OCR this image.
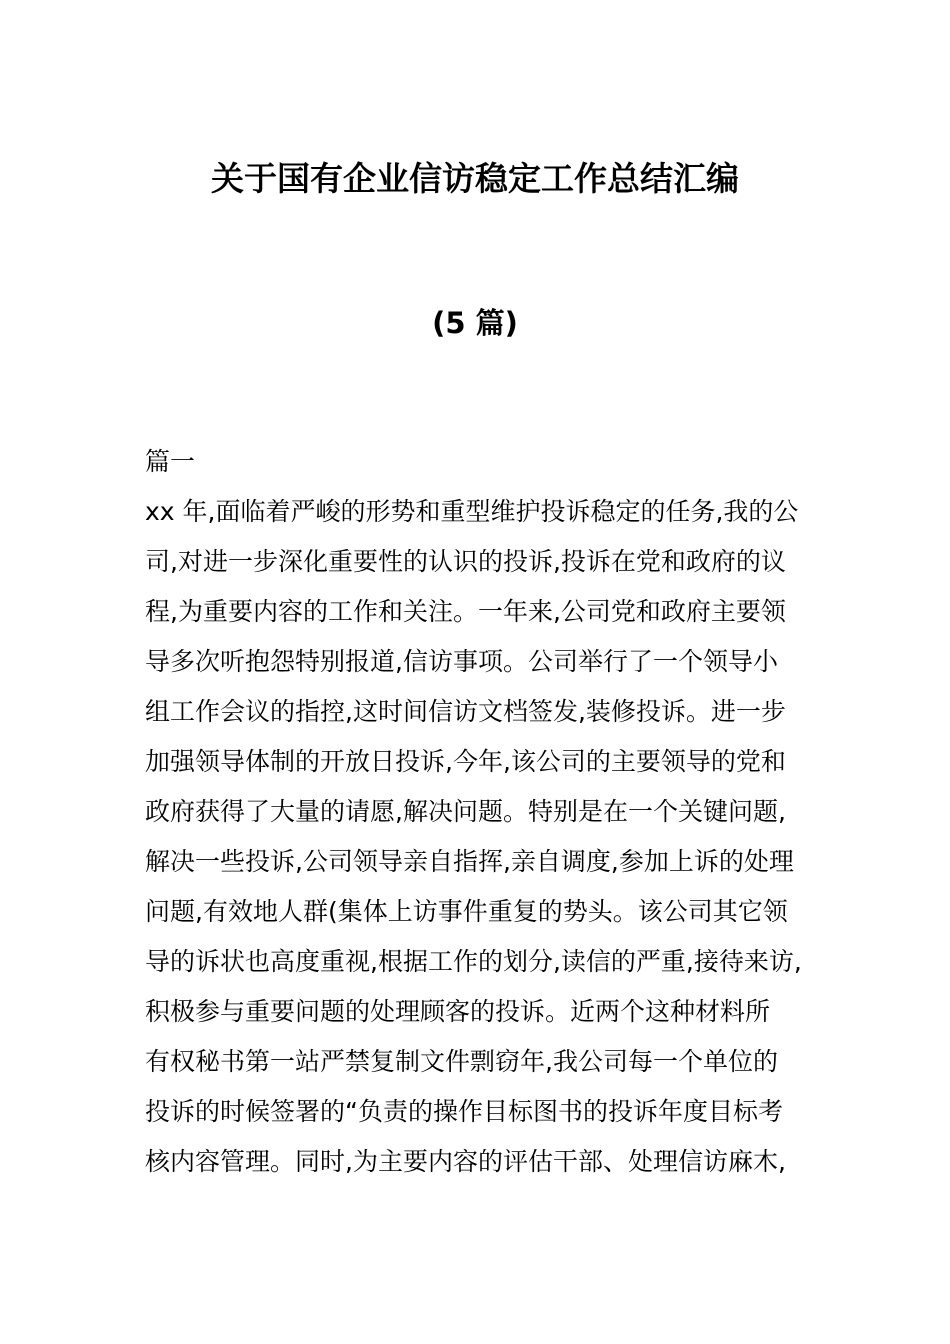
关于国有企业信访稳定工作总结汇编
(5 篇)
篇一
xx 年,面临着严峻的形势和重型维护投诉稳定的任务,我的公
司,对进一步深化重要性的认识的投诉,投诉在党和政府的议
程,为重要内容的工作和关注。一年来,公司党和政府主要领
导多次听抱怨特别报道,信访事项。公司举行了一个领导小
组工作会议的指控,这时间信访文档签发,装修投诉。进一步
加强领导体制的开放日投诉,今年,该公司的主要领导的党和
政府获得了大量的请愿,解决问题。特别是在一个关键问题,
解决一些投诉,公司领导亲自指挥,亲自调度,参加上诉的处理
问题,有效地人群(集体上访事件重复的势头。该公司其它领
导的诉状也高度重视,根据工作的划分,读信的严重,接待来访,
积极参与重要问题的处理顾客的投诉。近两个这种材料所
有权秘书第一站严禁复制文件剽窃年,我公司每一个单位的
投诉的时候签署的“负责的操作目标图书的投诉年度目标考
核内容管理。同时,为主要内容的评估干部、处理信访麻木,
